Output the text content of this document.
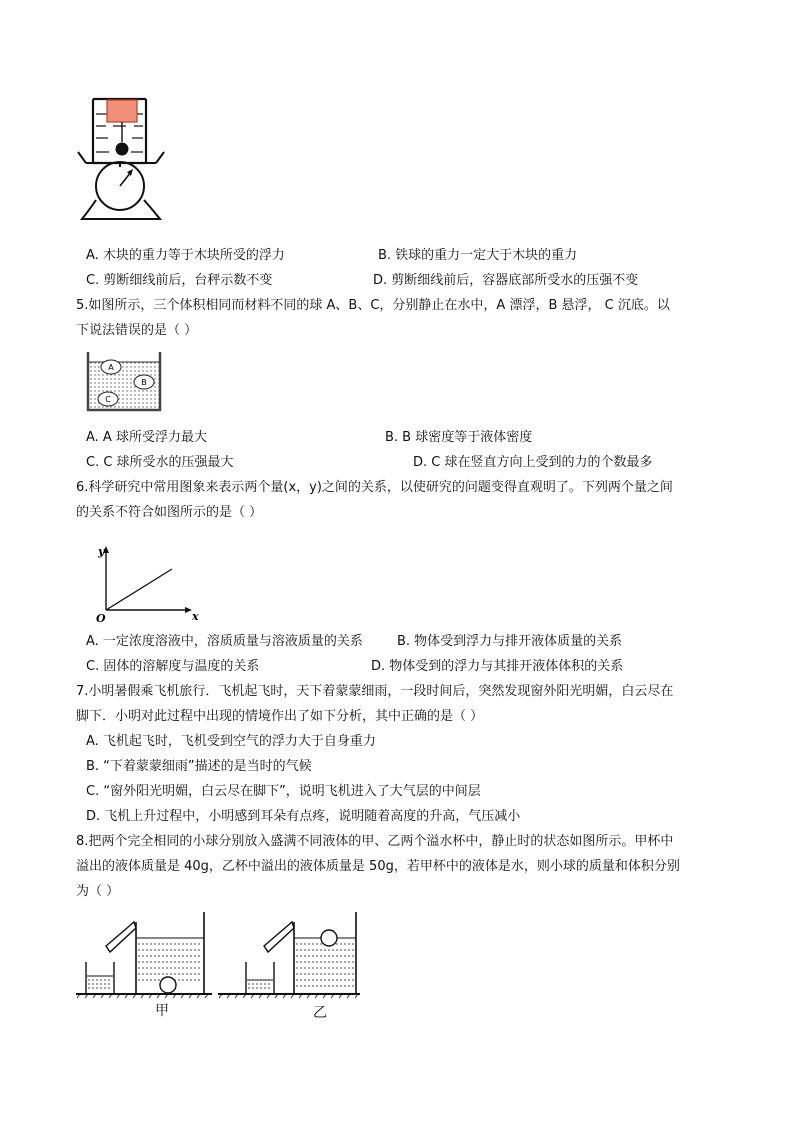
A. 木块的重力等于木块所受的浮力	B. 铁球的重力一定大于木块的重力
C. 剪断细线前后，台秤示数不变	D. 剪断细线前后，容器底部所受水的压强不变
5.如图所示，三个体积相同而材料不同的球 A、B、C，分别静止在水中，A 漂浮，B 悬浮， C 沉底。以
下说法错误的是（ ）
A
B
C
A. A 球所受浮力最大	B. B 球密度等于液体密度
C. C 球所受水的压强最大	D. C 球在竖直方向上受到的力的个数最多
6.科学研究中常用图象来表示两个量(x，y)之间的关系，以使研究的问题变得直观明了。下列两个量之间
的关系不符合如图所示的是（ ）
y
x
O
A. 一定浓度溶液中，溶质质量与溶液质量的关系	B. 物体受到浮力与排开液体质量的关系
C. 固体的溶解度与温度的关系	D. 物体受到的浮力与其排开液体体积的关系
7.小明暑假乘飞机旅行．飞机起飞时，天下着蒙蒙细雨，一段时间后，突然发现窗外阳光明媚，白云尽在
脚下．小明对此过程中出现的情境作出了如下分析，其中正确的是（ ）
A. 飞机起飞时，飞机受到空气的浮力大于自身重力
B. “下着蒙蒙细雨”描述的是当时的气候
C. “窗外阳光明媚，白云尽在脚下”，说明飞机进入了大气层的中间层
D. 飞机上升过程中，小明感到耳朵有点疼，说明随着高度的升高，气压减小
8.把两个完全相同的小球分别放入盛满不同液体的甲、乙两个溢水杯中，静止时的状态如图所示。甲杯中
溢出的液体质量是 40g，乙杯中溢出的液体质量是 50g，若甲杯中的液体是水，则小球的质量和体积分别
为（ ）
甲	乙
